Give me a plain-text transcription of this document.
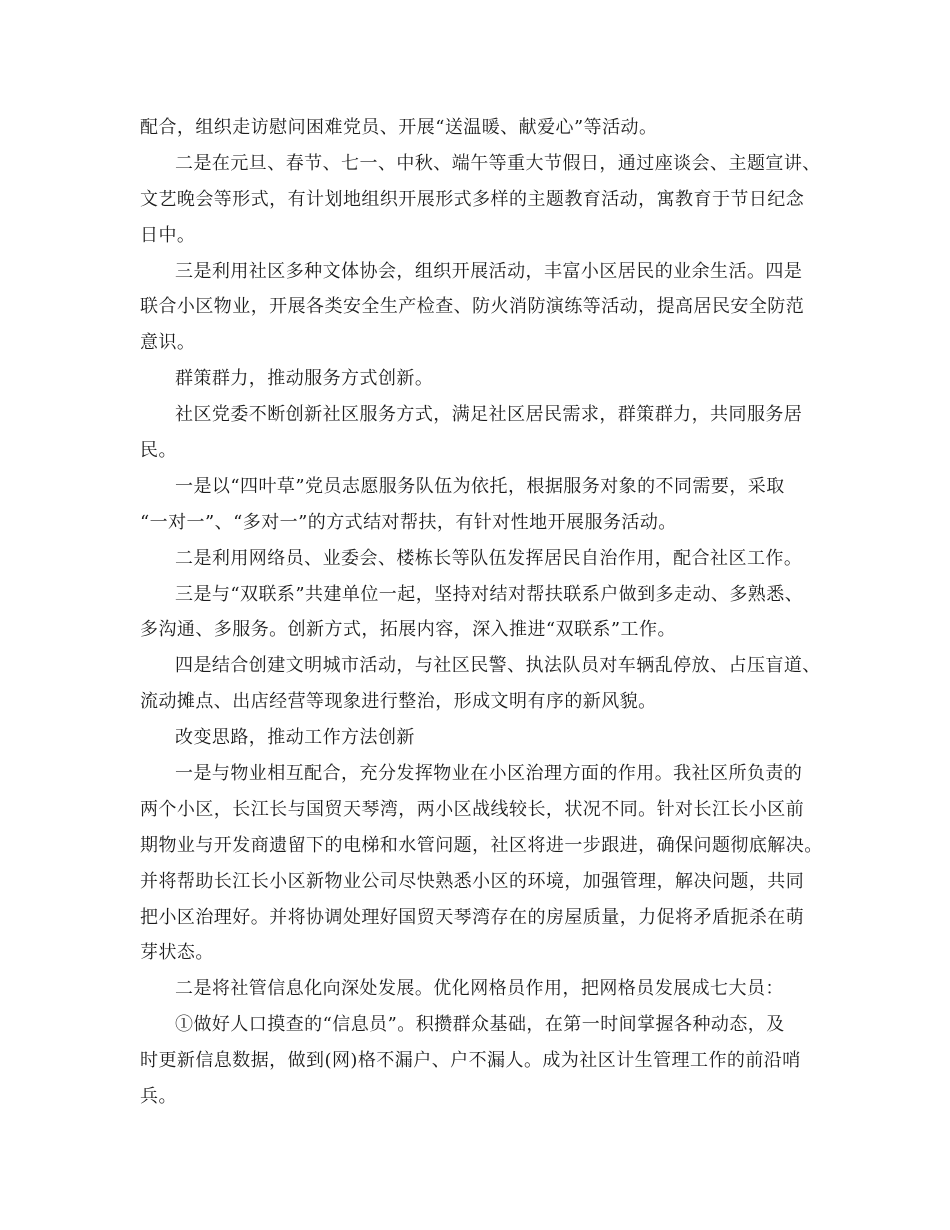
配合，组织走访慰问困难党员、开展“送温暖、献爱心”等活动。
二是在元旦、春节、七一、中秋、端午等重大节假日，通过座谈会、主题宣讲、
文艺晚会等形式，有计划地组织开展形式多样的主题教育活动，寓教育于节日纪念
日中。
三是利用社区多种文体协会，组织开展活动，丰富小区居民的业余生活。四是
联合小区物业，开展各类安全生产检查、防火消防演练等活动，提高居民安全防范
意识。
群策群力，推动服务方式创新。
社区党委不断创新社区服务方式，满足社区居民需求，群策群力，共同服务居
民。
一是以“四叶草”党员志愿服务队伍为依托，根据服务对象的不同需要，采取
“一对一”、“多对一”的方式结对帮扶，有针对性地开展服务活动。
二是利用网络员、业委会、楼栋长等队伍发挥居民自治作用，配合社区工作。
三是与“双联系”共建单位一起，坚持对结对帮扶联系户做到多走动、多熟悉、
多沟通、多服务。创新方式，拓展内容，深入推进“双联系”工作。
四是结合创建文明城市活动，与社区民警、执法队员对车辆乱停放、占压盲道、
流动摊点、出店经营等现象进行整治，形成文明有序的新风貌。
改变思路，推动工作方法创新
一是与物业相互配合，充分发挥物业在小区治理方面的作用。我社区所负责的
两个小区，长江长与国贸天琴湾，两小区战线较长，状况不同。针对长江长小区前
期物业与开发商遗留下的电梯和水管问题，社区将进一步跟进，确保问题彻底解决。
并将帮助长江长小区新物业公司尽快熟悉小区的环境，加强管理，解决问题，共同
把小区治理好。并将协调处理好国贸天琴湾存在的房屋质量，力促将矛盾扼杀在萌
芽状态。
二是将社管信息化向深处发展。优化网格员作用，把网格员发展成七大员：
①做好人口摸查的“信息员”。积攒群众基础，在第一时间掌握各种动态，及
时更新信息数据，做到(网)格不漏户、户不漏人。成为社区计生管理工作的前沿哨
兵。
